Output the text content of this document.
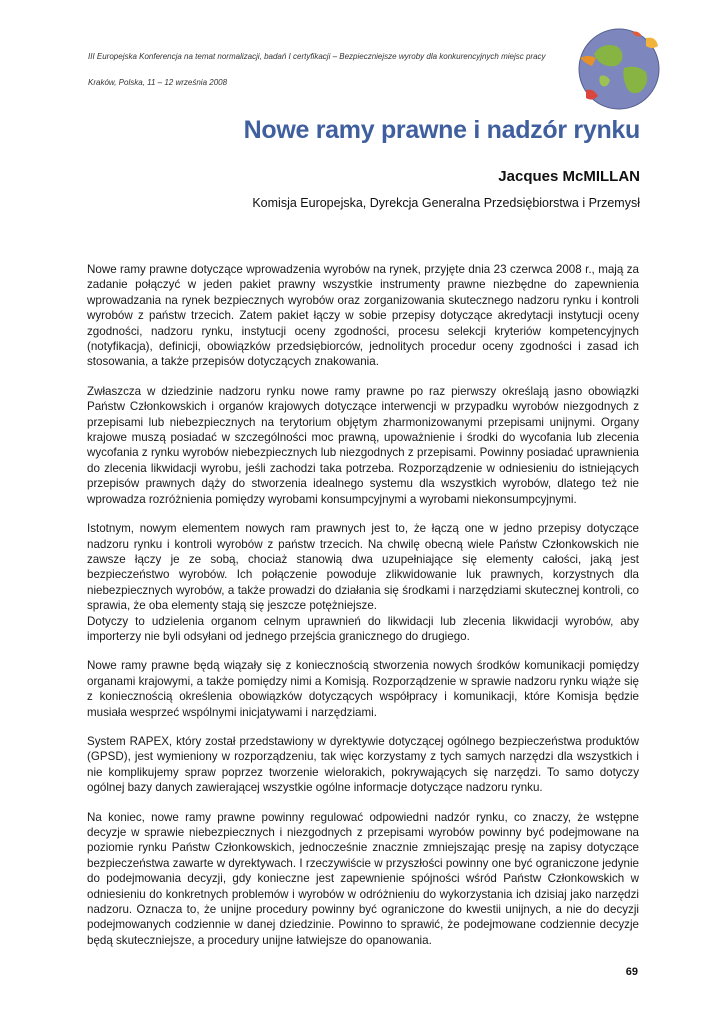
III Europejska Konferencja na temat normalizacji, badań I certyfikacji – Bezpieczniejsze wyroby dla konkurencyjnych miejsc pracy
Kraków, Polska, 11 – 12 września 2008
Nowe ramy prawne i nadzór rynku
Jacques McMILLAN
Komisja Europejska, Dyrekcja Generalna Przedsiębiorstwa i Przemysł

Nowe ramy prawne dotyczące wprowadzenia wyrobów na rynek, przyjęte dnia 23 czerwca 2008 r., mają za zadanie połączyć w jeden pakiet prawny wszystkie instrumenty prawne niezbędne do zapewnienia wprowadzania na rynek bezpiecznych wyrobów oraz zorganizowania skutecznego nadzoru rynku i kontroli wyrobów z państw trzecich. Zatem pakiet łączy w sobie przepisy dotyczące akredytacji instytucji oceny zgodności, nadzoru rynku, instytucji oceny zgodności, procesu selekcji kryteriów kompetencyjnych (notyfikacja), definicji, obowiązków przedsiębiorców, jednolitych procedur oceny zgodności i zasad ich stosowania, a także przepisów dotyczących znakowania.

Zwłaszcza w dziedzinie nadzoru rynku nowe ramy prawne po raz pierwszy określają jasno obowiązki Państw Członkowskich i organów krajowych dotyczące interwencji w przypadku wyrobów niezgodnych z przepisami lub niebezpiecznych na terytorium objętym zharmonizowanymi przepisami unijnymi. Organy krajowe muszą posiadać w szczególności moc prawną, upoważnienie i środki do wycofania lub zlecenia wycofania z rynku wyrobów niebezpiecznych lub niezgodnych z przepisami. Powinny posiadać uprawnienia do zlecenia likwidacji wyrobu, jeśli zachodzi taka potrzeba. Rozporządzenie w odniesieniu do istniejących przepisów prawnych dąży do stworzenia idealnego systemu dla wszystkich wyrobów, dlatego też nie wprowadza rozróżnienia pomiędzy wyrobami konsumpcyjnymi a wyrobami niekonsumpcyjnymi.

Istotnym, nowym elementem nowych ram prawnych jest to, że łączą one w jedno przepisy dotyczące nadzoru rynku i kontroli wyrobów z państw trzecich. Na chwilę obecną wiele Państw Członkowskich nie zawsze łączy je ze sobą, chociaż stanowią dwa uzupełniające się elementy całości, jaką jest bezpieczeństwo wyrobów. Ich połączenie powoduje zlikwidowanie luk prawnych, korzystnych dla niebezpiecznych wyrobów, a także prowadzi do działania się środkami i narzędziami skutecznej kontroli, co sprawia, że oba elementy stają się jeszcze potężniejsze.

Dotyczy to udzielenia organom celnym uprawnień do likwidacji lub zlecenia likwidacji wyrobów, aby importerzy nie byli odsyłani od jednego przejścia granicznego do drugiego.

Nowe ramy prawne będą wiązały się z koniecznością stworzenia nowych środków komunikacji pomiędzy organami krajowymi, a także pomiędzy nimi a Komisją. Rozporządzenie w sprawie nadzoru rynku wiąże się z koniecznością określenia obowiązków dotyczących współpracy i komunikacji, które Komisja będzie musiała wesprzeć wspólnymi inicjatywami i narzędziami.

System RAPEX, który został przedstawiony w dyrektywie dotyczącej ogólnego bezpieczeństwa produktów (GPSD), jest wymieniony w rozporządzeniu, tak więc korzystamy z tych samych narzędzi dla wszystkich i nie komplikujemy spraw poprzez tworzenie wielorakich, pokrywających się narzędzi. To samo dotyczy ogólnej bazy danych zawierającej wszystkie ogólne informacje dotyczące nadzoru rynku.

Na koniec, nowe ramy prawne powinny regulować odpowiedni nadzór rynku, co znaczy, że wstępne decyzje w sprawie niebezpiecznych i niezgodnych z przepisami wyrobów powinny być podejmowane na poziomie rynku Państw Członkowskich, jednocześnie znacznie zmniejszając presję na zapisy dotyczące bezpieczeństwa zawarte w dyrektywach. I rzeczywiście w przyszłości powinny one być ograniczone jedynie do podejmowania decyzji, gdy konieczne jest zapewnienie spójności wśród Państw Członkowskich w odniesieniu do konkretnych problemów i wyrobów w odróżnieniu do wykorzystania ich dzisiaj jako narzędzi nadzoru. Oznacza to, że unijne procedury powinny być ograniczone do kwestii unijnych, a nie do decyzji podejmowanych codziennie w danej dziedzinie. Powinno to sprawić, że podejmowane codziennie decyzje będą skuteczniejsze, a procedury unijne łatwiejsze do opanowania.

69
